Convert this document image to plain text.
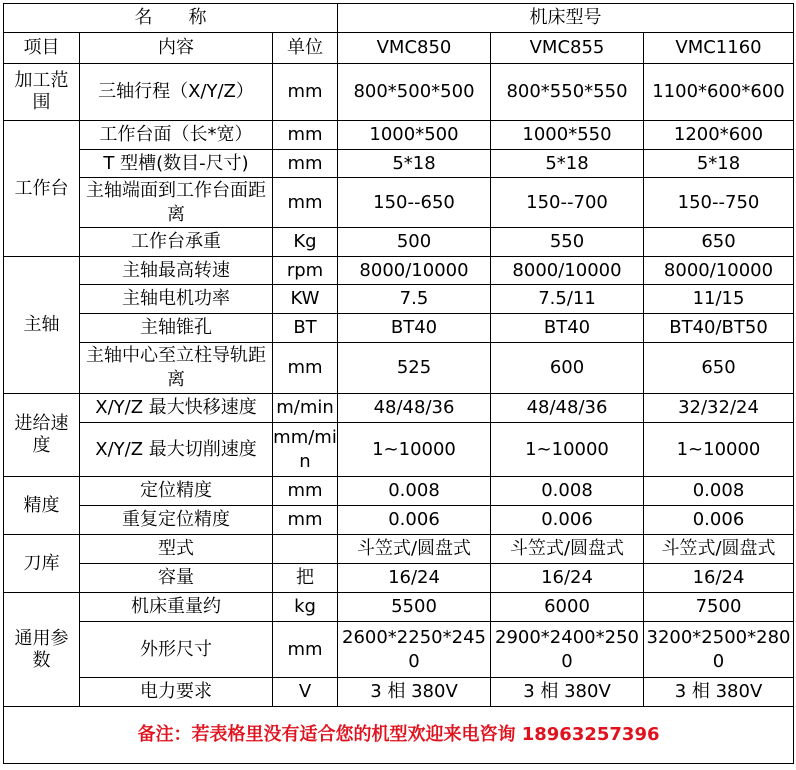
名　　称			机床型号		
项目	内容	单位	VMC850	VMC855	VMC1160
加工范围	三轴行程（X/Y/Z）	mm	800*500*500	800*550*550	1100*600*600
工作台	工作台面（长*宽）	mm	1000*500	1000*550	1200*600
	T 型槽(数目-尺寸)	mm	5*18	5*18	5*18
	主轴端面到工作台面距离	mm	150--650	150--700	150--750
	工作台承重	Kg	500	550	650
主轴	主轴最高转速	rpm	8000/10000	8000/10000	8000/10000
	主轴电机功率	KW	7.5	7.5/11	11/15
	主轴锥孔	BT	BT40	BT40	BT40/BT50
	主轴中心至立柱导轨距离	mm	525	600	650
进给速度	X/Y/Z 最大快移速度	m/min	48/48/36	48/48/36	32/32/24
	X/Y/Z 最大切削速度	mm/min	1~10000	1~10000	1~10000
精度	定位精度	mm	0.008	0.008	0.008
	重复定位精度	mm	0.006	0.006	0.006
刀库	型式		斗笠式/圆盘式	斗笠式/圆盘式	斗笠式/圆盘式
	容量	把	16/24	16/24	16/24
通用参数	机床重量约	kg	5500	6000	7500
	外形尺寸	mm	2600*2250*2450	2900*2400*2500	3200*2500*2800
	电力要求	V	3 相 380V	3 相 380V	3 相 380V
备注：若表格里没有适合您的机型欢迎来电咨询 18963257396					
